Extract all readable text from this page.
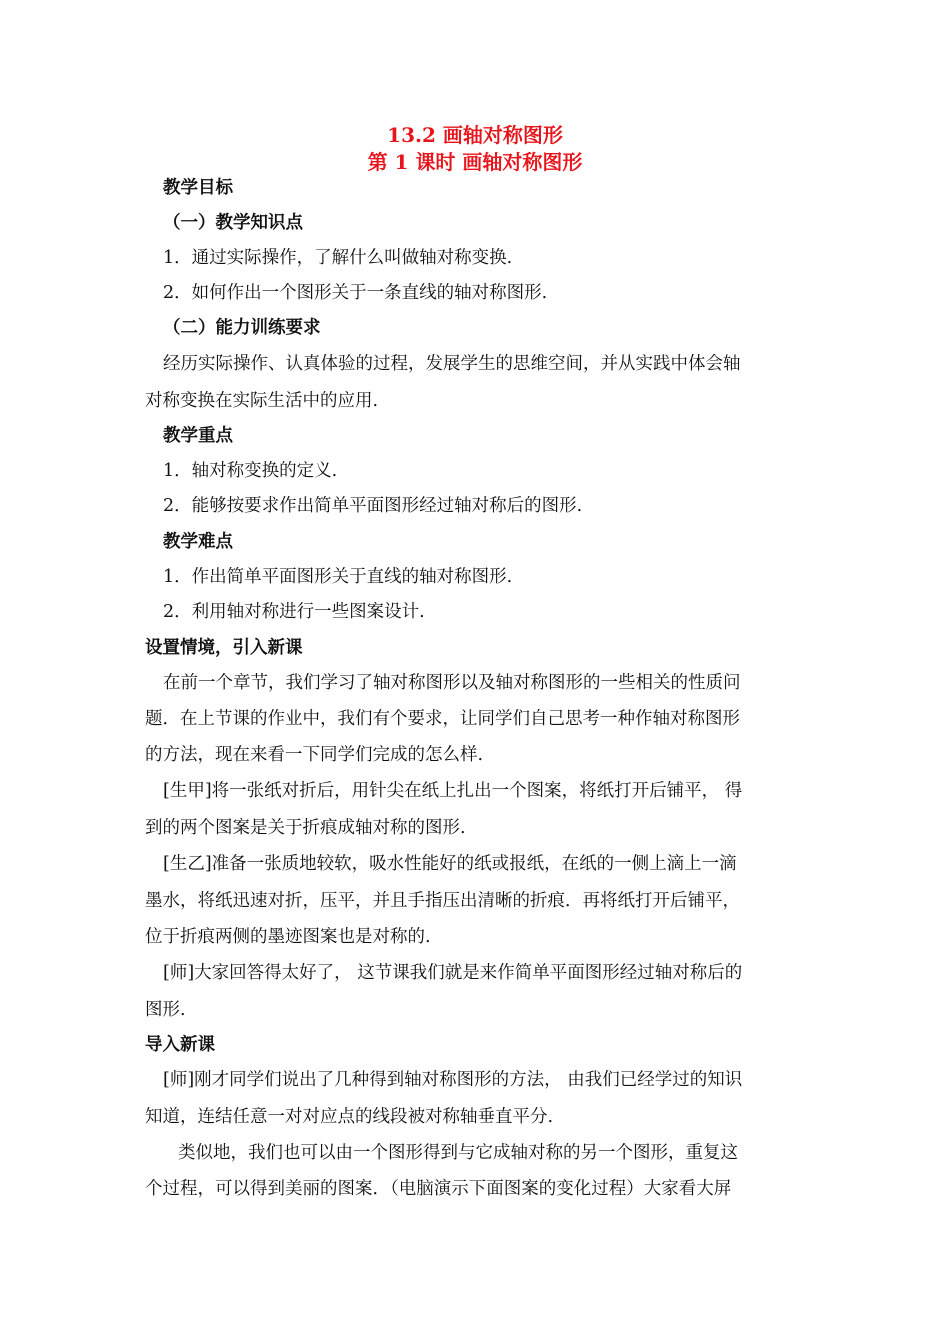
13.2 画轴对称图形
第 1 课时 画轴对称图形
教学目标
（一）教学知识点
1．通过实际操作，了解什么叫做轴对称变换.
2．如何作出一个图形关于一条直线的轴对称图形.
（二）能力训练要求
经历实际操作、认真体验的过程，发展学生的思维空间，并从实践中体会轴
对称变换在实际生活中的应用.
教学重点
1．轴对称变换的定义.
2．能够按要求作出简单平面图形经过轴对称后的图形.
教学难点
1．作出简单平面图形关于直线的轴对称图形.
2．利用轴对称进行一些图案设计.
设置情境，引入新课
在前一个章节，我们学习了轴对称图形以及轴对称图形的一些相关的性质问
题．在上节课的作业中，我们有个要求，让同学们自己思考一种作轴对称图形
的方法，现在来看一下同学们完成的怎么样.
[生甲]将一张纸对折后，用针尖在纸上扎出一个图案，将纸打开后铺平， 得
到的两个图案是关于折痕成轴对称的图形.
[生乙]准备一张质地较软，吸水性能好的纸或报纸，在纸的一侧上滴上一滴
墨水，将纸迅速对折，压平，并且手指压出清晰的折痕．再将纸打开后铺平，
位于折痕两侧的墨迹图案也是对称的.
[师]大家回答得太好了， 这节课我们就是来作简单平面图形经过轴对称后的
图形.
导入新课
[师]刚才同学们说出了几种得到轴对称图形的方法， 由我们已经学过的知识
知道，连结任意一对对应点的线段被对称轴垂直平分.
类似地，我们也可以由一个图形得到与它成轴对称的另一个图形，重复这
个过程，可以得到美丽的图案．（电脑演示下面图案的变化过程）大家看大屏
